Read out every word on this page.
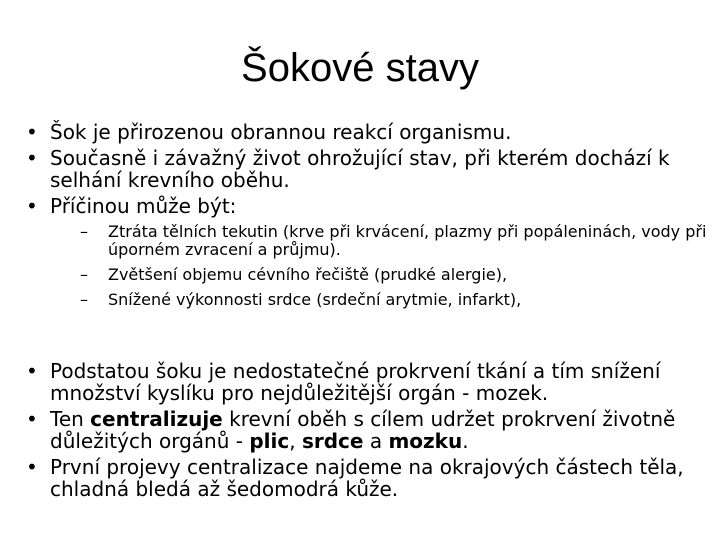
Šokové stavy
• Šok je přirozenou obrannou reakcí organismu.
• Současně i závažný život ohrožující stav, při kterém dochází k selhání krevního oběhu.
• Příčinou může být:
– Ztráta tělních tekutin (krve při krvácení, plazmy při popáleninách, vody při úporném zvracení a průjmu).
– Zvětšení objemu cévního řečiště (prudké alergie),
– Snížené výkonnosti srdce (srdeční arytmie, infarkt),
• Podstatou šoku je nedostatečné prokrvení tkání a tím snížení množství kyslíku pro nejdůležitější orgán - mozek.
• Ten centralizuje krevní oběh s cílem udržet prokrvení životně důležitých orgánů - plic, srdce a mozku.
• První projevy centralizace najdeme na okrajových částech těla, chladná bledá až šedomodrá kůže.
